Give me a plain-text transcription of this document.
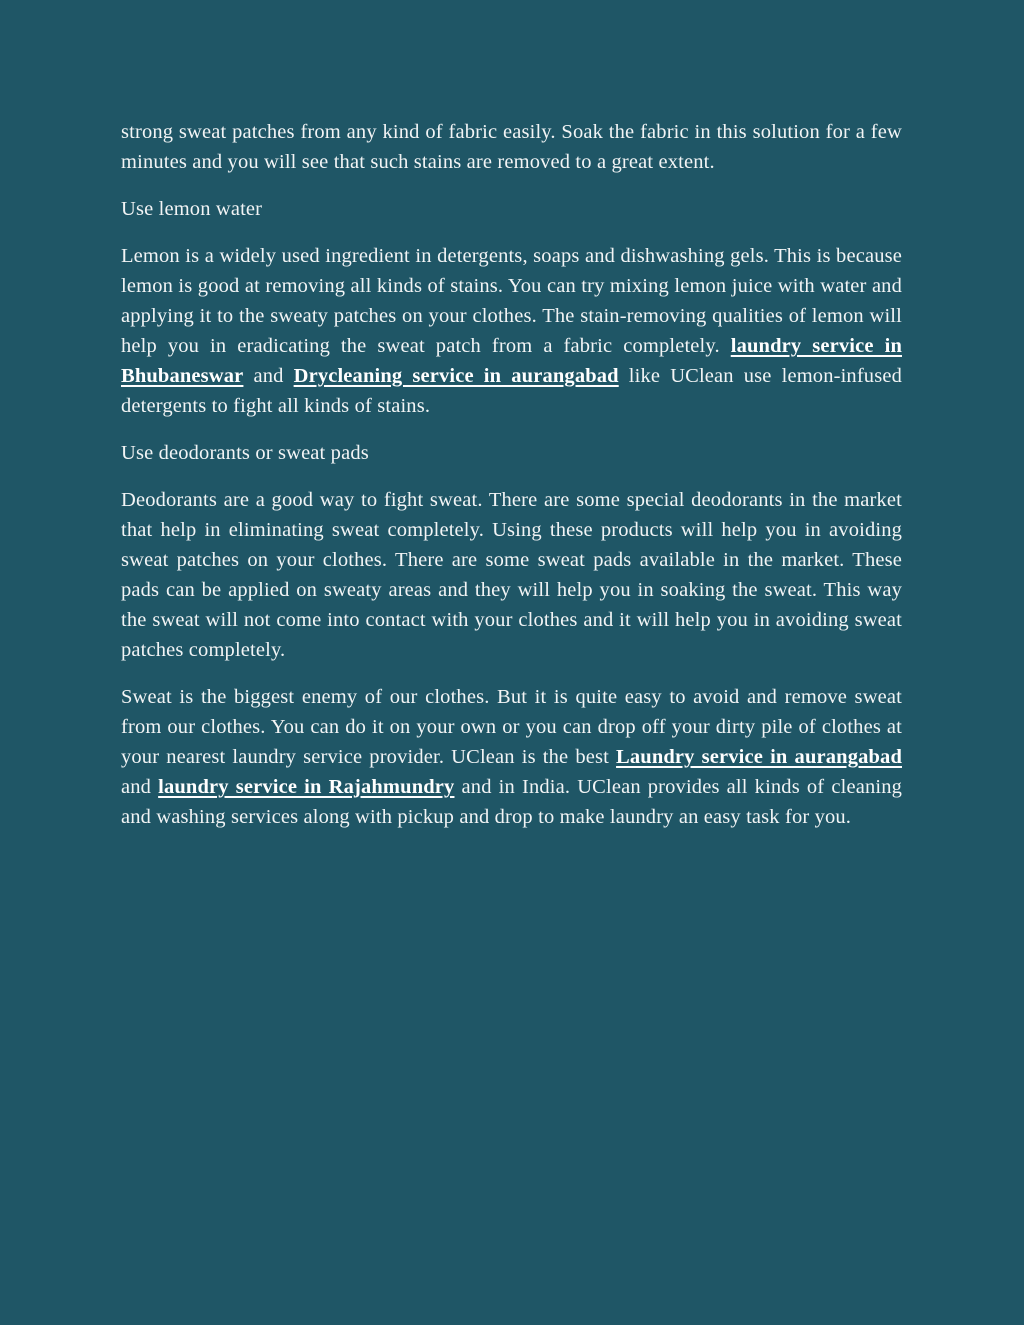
strong sweat patches from any kind of fabric easily. Soak the fabric in this solution for a few minutes and you will see that such stains are removed to a great extent.

Use lemon water

Lemon is a widely used ingredient in detergents, soaps and dishwashing gels. This is because lemon is good at removing all kinds of stains. You can try mixing lemon juice with water and applying it to the sweaty patches on your clothes. The stain-removing qualities of lemon will help you in eradicating the sweat patch from a fabric completely. laundry service in Bhubaneswar and Drycleaning service in aurangabad like UClean use lemon-infused detergents to fight all kinds of stains.

Use deodorants or sweat pads

Deodorants are a good way to fight sweat. There are some special deodorants in the market that help in eliminating sweat completely. Using these products will help you in avoiding sweat patches on your clothes. There are some sweat pads available in the market. These pads can be applied on sweaty areas and they will help you in soaking the sweat. This way the sweat will not come into contact with your clothes and it will help you in avoiding sweat patches completely.

Sweat is the biggest enemy of our clothes. But it is quite easy to avoid and remove sweat from our clothes. You can do it on your own or you can drop off your dirty pile of clothes at your nearest laundry service provider. UClean is the best Laundry service in aurangabad and laundry service in Rajahmundry and in India. UClean provides all kinds of cleaning and washing services along with pickup and drop to make laundry an easy task for you.
